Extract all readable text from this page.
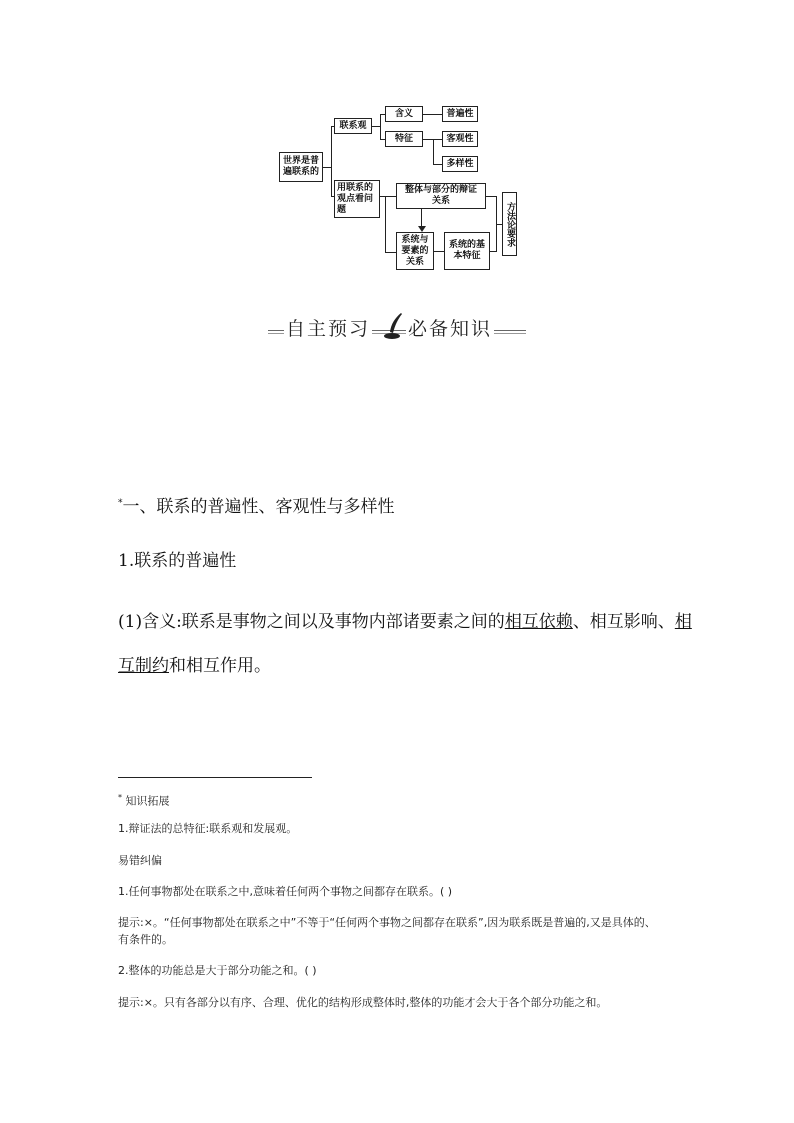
世界是普遍联系的
联系观
含义
特征
普遍性
客观性
多样性
用联系的观点看问题
整体与部分的辩证关系
系统与要素的关系
系统的基本特征
方法论要求
自主预习 必备知识
*一、联系的普遍性、客观性与多样性
1.联系的普遍性
(1)含义:联系是事物之间以及事物内部诸要素之间的相互依赖、相互影响、相互制约和相互作用。
* 知识拓展
1.辩证法的总特征:联系观和发展观。
易错纠偏
1.任何事物都处在联系之中,意味着任何两个事物之间都存在联系。( )
提示:×。“任何事物都处在联系之中”不等于“任何两个事物之间都存在联系”,因为联系既是普遍的,又是具体的、有条件的。
2.整体的功能总是大于部分功能之和。( )
提示:×。只有各部分以有序、合理、优化的结构形成整体时,整体的功能才会大于各个部分功能之和。
